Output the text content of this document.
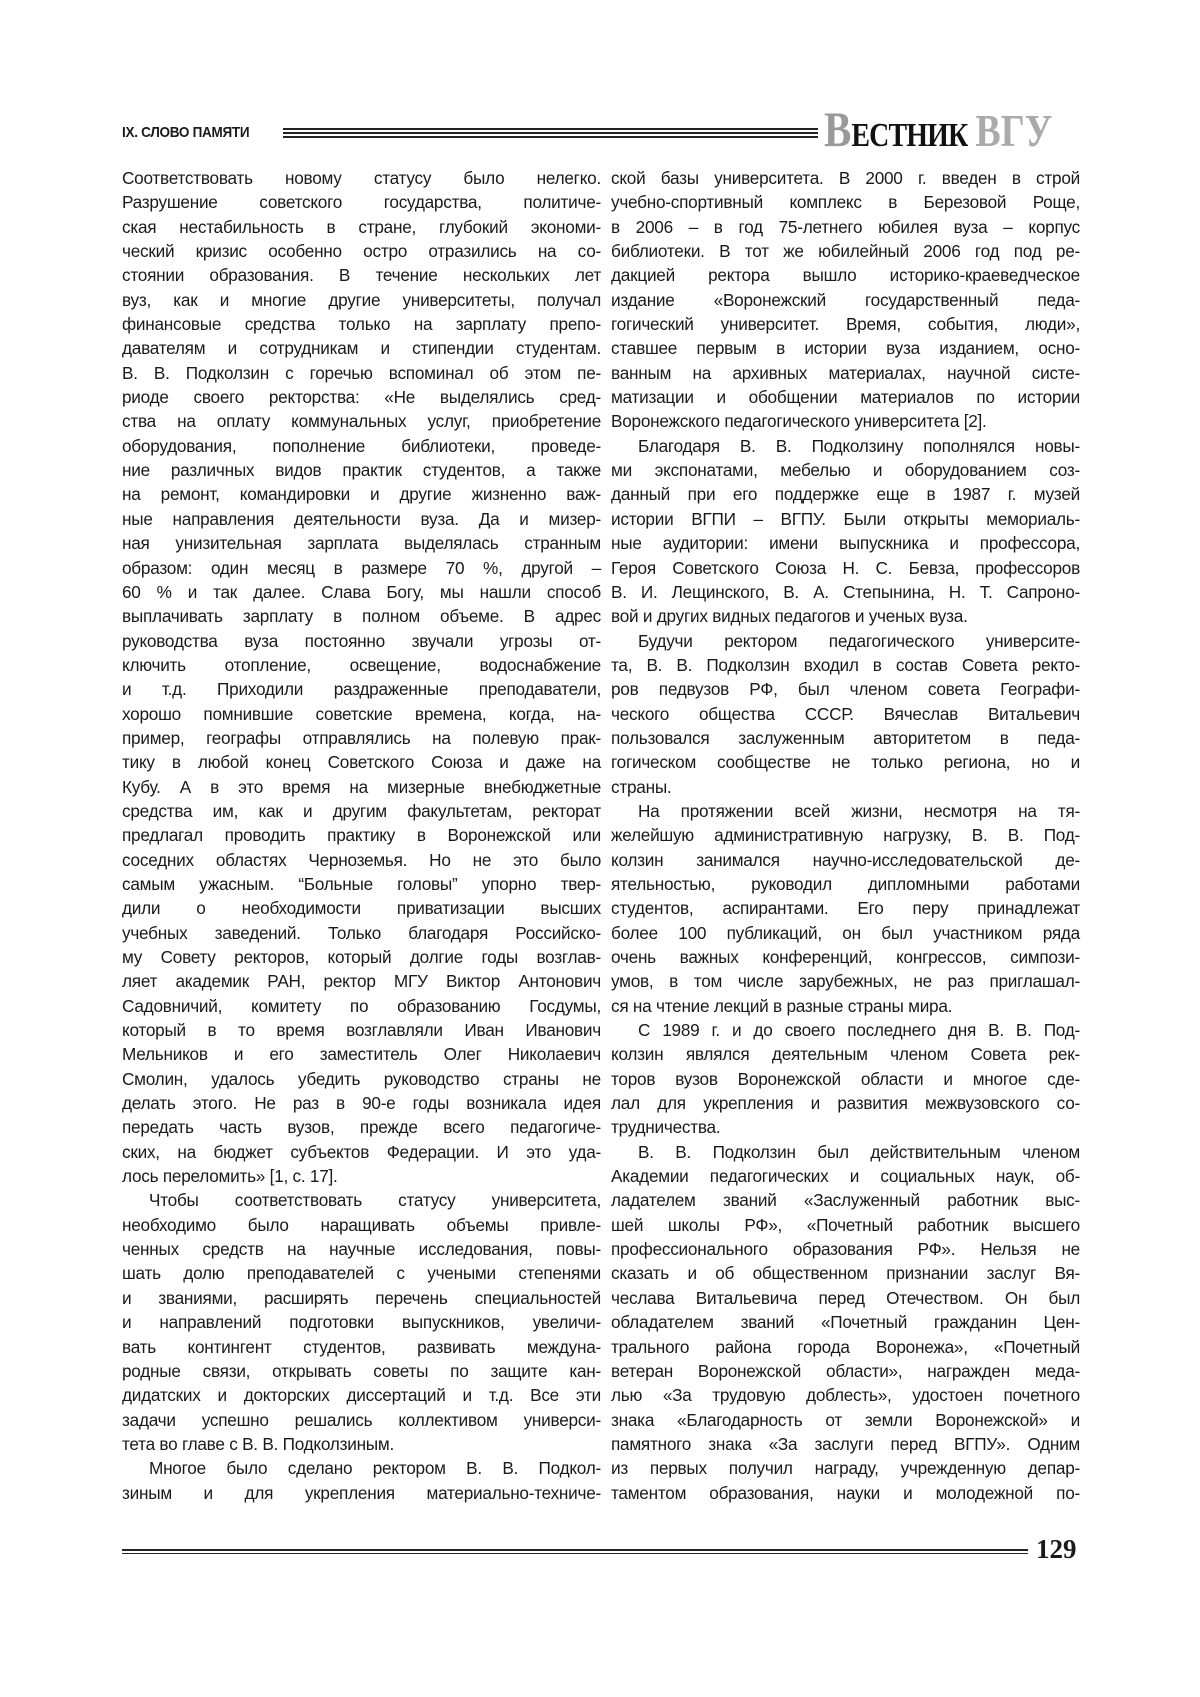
IX. СЛОВО ПАМЯТИ	ВЕСТНИК ВГУ
Соответствовать новому статусу было нелегко.
Разрушение советского государства, политиче-
ская нестабильность в стране, глубокий экономи-
ческий кризис особенно остро отразились на со-
стоянии образования. В течение нескольких лет
вуз, как и многие другие университеты, получал
финансовые средства только на зарплату препо-
давателям и сотрудникам и стипендии студентам.
В. В. Подколзин с горечью вспоминал об этом пе-
риоде своего ректорства: «Не выделялись сред-
ства на оплату коммунальных услуг, приобретение
оборудования, пополнение библиотеки, проведе-
ние различных видов практик студентов, а также
на ремонт, командировки и другие жизненно важ-
ные направления деятельности вуза. Да и мизер-
ная унизительная зарплата выделялась странным
образом: один месяц в размере 70 %, другой –
60 % и так далее. Слава Богу, мы нашли способ
выплачивать зарплату в полном объеме. В адрес
руководства вуза постоянно звучали угрозы от-
ключить отопление, освещение, водоснабжение
и т.д. Приходили раздраженные преподаватели,
хорошо помнившие советские времена, когда, на-
пример, географы отправлялись на полевую прак-
тику в любой конец Советского Союза и даже на
Кубу. А в это время на мизерные внебюджетные
средства им, как и другим факультетам, ректорат
предлагал проводить практику в Воронежской или
соседних областях Черноземья. Но не это было
самым ужасным. “Больные головы” упорно твер-
дили о необходимости приватизации высших
учебных заведений. Только благодаря Российско-
му Совету ректоров, который долгие годы возглав-
ляет академик РАН, ректор МГУ Виктор Антонович
Садовничий, комитету по образованию Госдумы,
который в то время возглавляли Иван Иванович
Мельников и его заместитель Олег Николаевич
Смолин, удалось убедить руководство страны не
делать этого. Не раз в 90-е годы возникала идея
передать часть вузов, прежде всего педагогиче-
ских, на бюджет субъектов Федерации. И это уда-
лось переломить» [1, с. 17].
Чтобы соответствовать статусу университета,
необходимо было наращивать объемы привле-
ченных средств на научные исследования, повы-
шать долю преподавателей с учеными степенями
и званиями, расширять перечень специальностей
и направлений подготовки выпускников, увеличи-
вать контингент студентов, развивать междуна-
родные связи, открывать советы по защите кан-
дидатских и докторских диссертаций и т.д. Все эти
задачи успешно решались коллективом универси-
тета во главе с В. В. Подколзиным.
Многое было сделано ректором В. В. Подкол-
зиным и для укрепления материально-техниче-
ской базы университета. В 2000 г. введен в строй
учебно-спортивный комплекс в Березовой Роще,
в 2006 – в год 75-летнего юбилея вуза – корпус
библиотеки. В тот же юбилейный 2006 год под ре-
дакцией ректора вышло историко-краеведческое
издание «Воронежский государственный педа-
гогический университет. Время, события, люди»,
ставшее первым в истории вуза изданием, осно-
ванным на архивных материалах, научной систе-
матизации и обобщении материалов по истории
Воронежского педагогического университета [2].
Благодаря В. В. Подколзину пополнялся новы-
ми экспонатами, мебелью и оборудованием соз-
данный при его поддержке еще в 1987 г. музей
истории ВГПИ – ВГПУ. Были открыты мемориаль-
ные аудитории: имени выпускника и профессора,
Героя Советского Союза Н. С. Бевза, профессоров
В. И. Лещинского, В. А. Степынина, Н. Т. Сапроно-
вой и других видных педагогов и ученых вуза.
Будучи ректором педагогического университе-
та, В. В. Подколзин входил в состав Совета ректо-
ров педвузов РФ, был членом совета Географи-
ческого общества СССР. Вячеслав Витальевич
пользовался заслуженным авторитетом в педа-
гогическом сообществе не только региона, но и
страны.
На протяжении всей жизни, несмотря на тя-
желейшую административную нагрузку, В. В. Под-
колзин занимался научно-исследовательской де-
ятельностью, руководил дипломными работами
студентов, аспирантами. Его перу принадлежат
более 100 публикаций, он был участником ряда
очень важных конференций, конгрессов, симпози-
умов, в том числе зарубежных, не раз приглашал-
ся на чтение лекций в разные страны мира.
С 1989 г. и до своего последнего дня В. В. Под-
колзин являлся деятельным членом Совета рек-
торов вузов Воронежской области и многое сде-
лал для укрепления и развития межвузовского со-
трудничества.
В. В. Подколзин был действительным членом
Академии педагогических и социальных наук, об-
ладателем званий «Заслуженный работник выс-
шей школы РФ», «Почетный работник высшего
профессионального образования РФ». Нельзя не
сказать и об общественном признании заслуг Вя-
чеслава Витальевича перед Отечеством. Он был
обладателем званий «Почетный гражданин Цен-
трального района города Воронежа», «Почетный
ветеран Воронежской области», награжден меда-
лью «За трудовую доблесть», удостоен почетного
знака «Благодарность от земли Воронежской» и
памятного знака «За заслуги перед ВГПУ». Одним
из первых получил награду, учрежденную депар-
таментом образования, науки и молодежной по-
129
